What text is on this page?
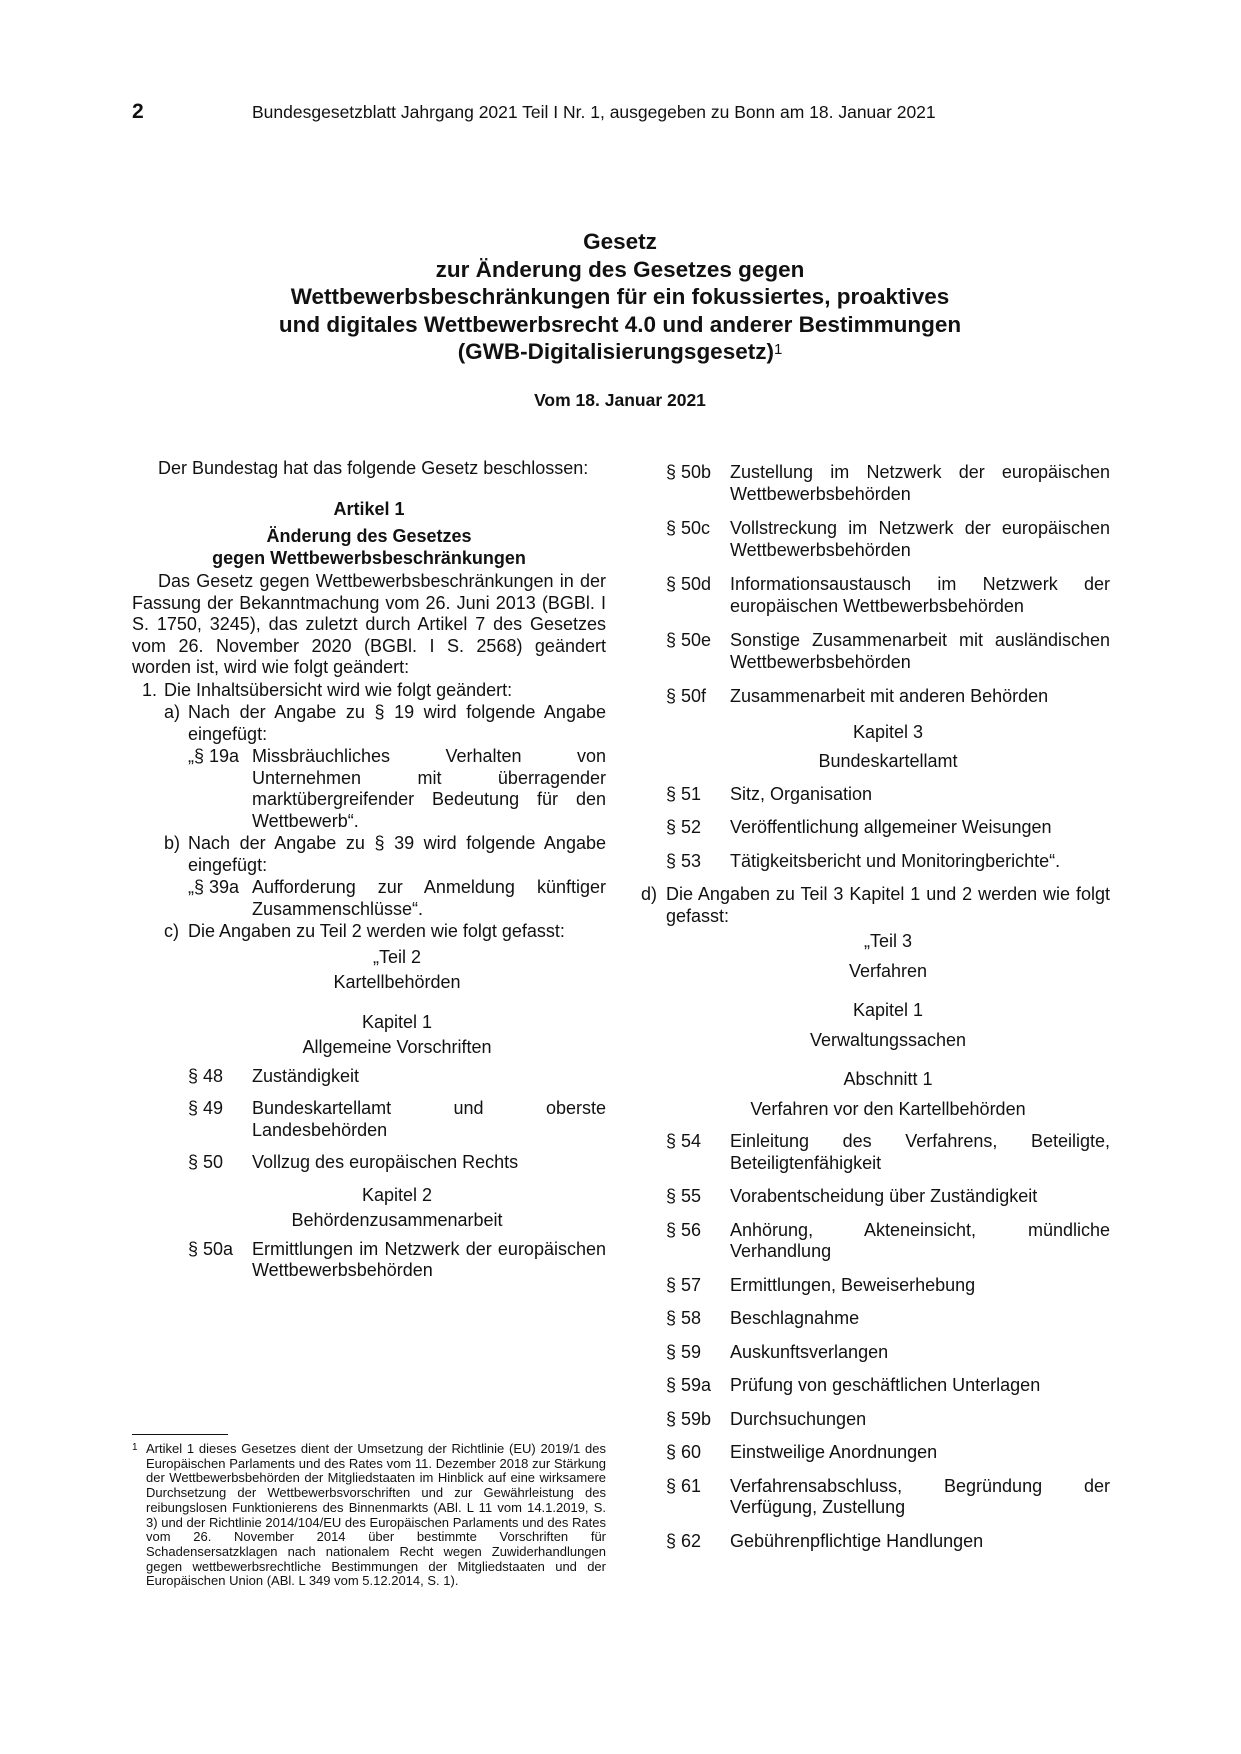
2	Bundesgesetzblatt Jahrgang 2021 Teil I Nr. 1, ausgegeben zu Bonn am 18. Januar 2021
Gesetz
zur Änderung des Gesetzes gegen
Wettbewerbsbeschränkungen für ein fokussiertes, proaktives
und digitales Wettbewerbsrecht 4.0 und anderer Bestimmungen
(GWB-Digitalisierungsgesetz)$^1$
Vom 18. Januar 2021

Der Bundestag hat das folgende Gesetz beschlossen:

Artikel 1

Änderung des Gesetzes

gegen Wettbewerbsbeschränkungen

Das Gesetz gegen Wettbewerbsbeschränkungen in der Fassung der Bekanntmachung vom 26. Juni 2013 (BGBl. I S. 1750, 3245), das zuletzt durch Artikel 7 des Gesetzes vom 26. November 2020 (BGBl. I S. 2568) geändert worden ist, wird wie folgt geändert:

1. Die Inhaltsübersicht wird wie folgt geändert:
a) Nach der Angabe zu § 19 wird folgende Angabe eingefügt:
„§ 19a Missbräuchliches Verhalten von Unternehmen mit überragender marktübergreifender Bedeutung für den Wettbewerb“.
b) Nach der Angabe zu § 39 wird folgende Angabe eingefügt:
„§ 39a Aufforderung zur Anmeldung künftiger Zusammenschlüsse“.
c) Die Angaben zu Teil 2 werden wie folgt gefasst:

„Teil 2

Kartellbehörden

Kapitel 1

Allgemeine Vorschriften

§ 48	Zuständigkeit
§ 49	Bundeskartellamt und oberste Landesbehörden
§ 50	Vollzug des europäischen Rechts

Kapitel 2

Behördenzusammenarbeit

§ 50a	Ermittlungen im Netzwerk der europäischen Wettbewerbsbehörden
1 Artikel 1 dieses Gesetzes dient der Umsetzung der Richtlinie (EU) 2019/1 des Europäischen Parlaments und des Rates vom 11. Dezember 2018 zur Stärkung der Wettbewerbsbehörden der Mitgliedstaaten im Hinblick auf eine wirksamere Durchsetzung der Wettbewerbsvorschriften und zur Gewährleistung des reibungslosen Funktionierens des Binnenmarkts (ABl. L 11 vom 14.1.2019, S. 3) und der Richtlinie 2014/104/EU des Europäischen Parlaments und des Rates vom 26. November 2014 über bestimmte Vorschriften für Schadensersatzklagen nach nationalem Recht wegen Zuwiderhandlungen gegen wettbewerbsrechtliche Bestimmungen der Mitgliedstaaten und der Europäischen Union (ABl. L 349 vom 5.12.2014, S. 1).
§ 50b	Zustellung im Netzwerk der europäischen Wettbewerbsbehörden
§ 50c	Vollstreckung im Netzwerk der europäischen Wettbewerbsbehörden
§ 50d	Informationsaustausch im Netzwerk der europäischen Wettbewerbsbehörden
§ 50e	Sonstige Zusammenarbeit mit ausländischen Wettbewerbsbehörden
§ 50f	Zusammenarbeit mit anderen Behörden

Kapitel 3

Bundeskartellamt

§ 51	Sitz, Organisation
§ 52	Veröffentlichung allgemeiner Weisungen
§ 53	Tätigkeitsbericht und Monitoringberichte“.
d) Die Angaben zu Teil 3 Kapitel 1 und 2 werden wie folgt gefasst:

„Teil 3

Verfahren

Kapitel 1

Verwaltungssachen

Abschnitt 1

Verfahren vor den Kartellbehörden

§ 54	Einleitung des Verfahrens, Beteiligte, Beteiligtenfähigkeit
§ 55	Vorabentscheidung über Zuständigkeit
§ 56	Anhörung, Akteneinsicht, mündliche Verhandlung
§ 57	Ermittlungen, Beweiserhebung
§ 58	Beschlagnahme
§ 59	Auskunftsverlangen
§ 59a	Prüfung von geschäftlichen Unterlagen
§ 59b	Durchsuchungen
§ 60	Einstweilige Anordnungen
§ 61	Verfahrensabschluss, Begründung der Verfügung, Zustellung
§ 62	Gebührenpflichtige Handlungen
